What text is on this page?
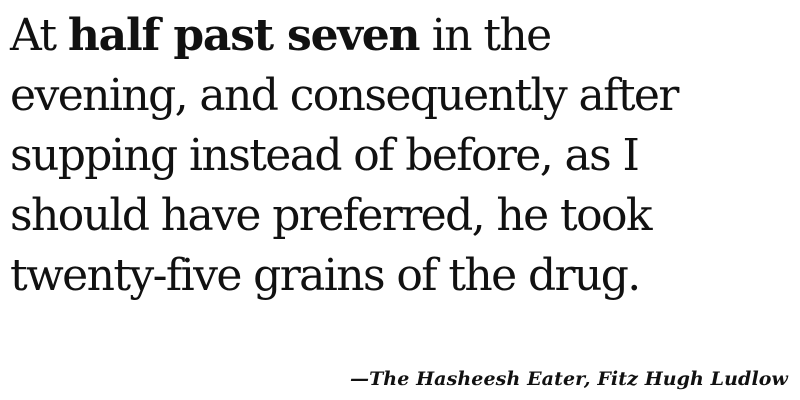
At half past seven in the
evening, and consequently after
supping instead of before, as I
should have preferred, he took
twenty-five grains of the drug.

—The Hasheesh Eater, Fitz Hugh Ludlow
